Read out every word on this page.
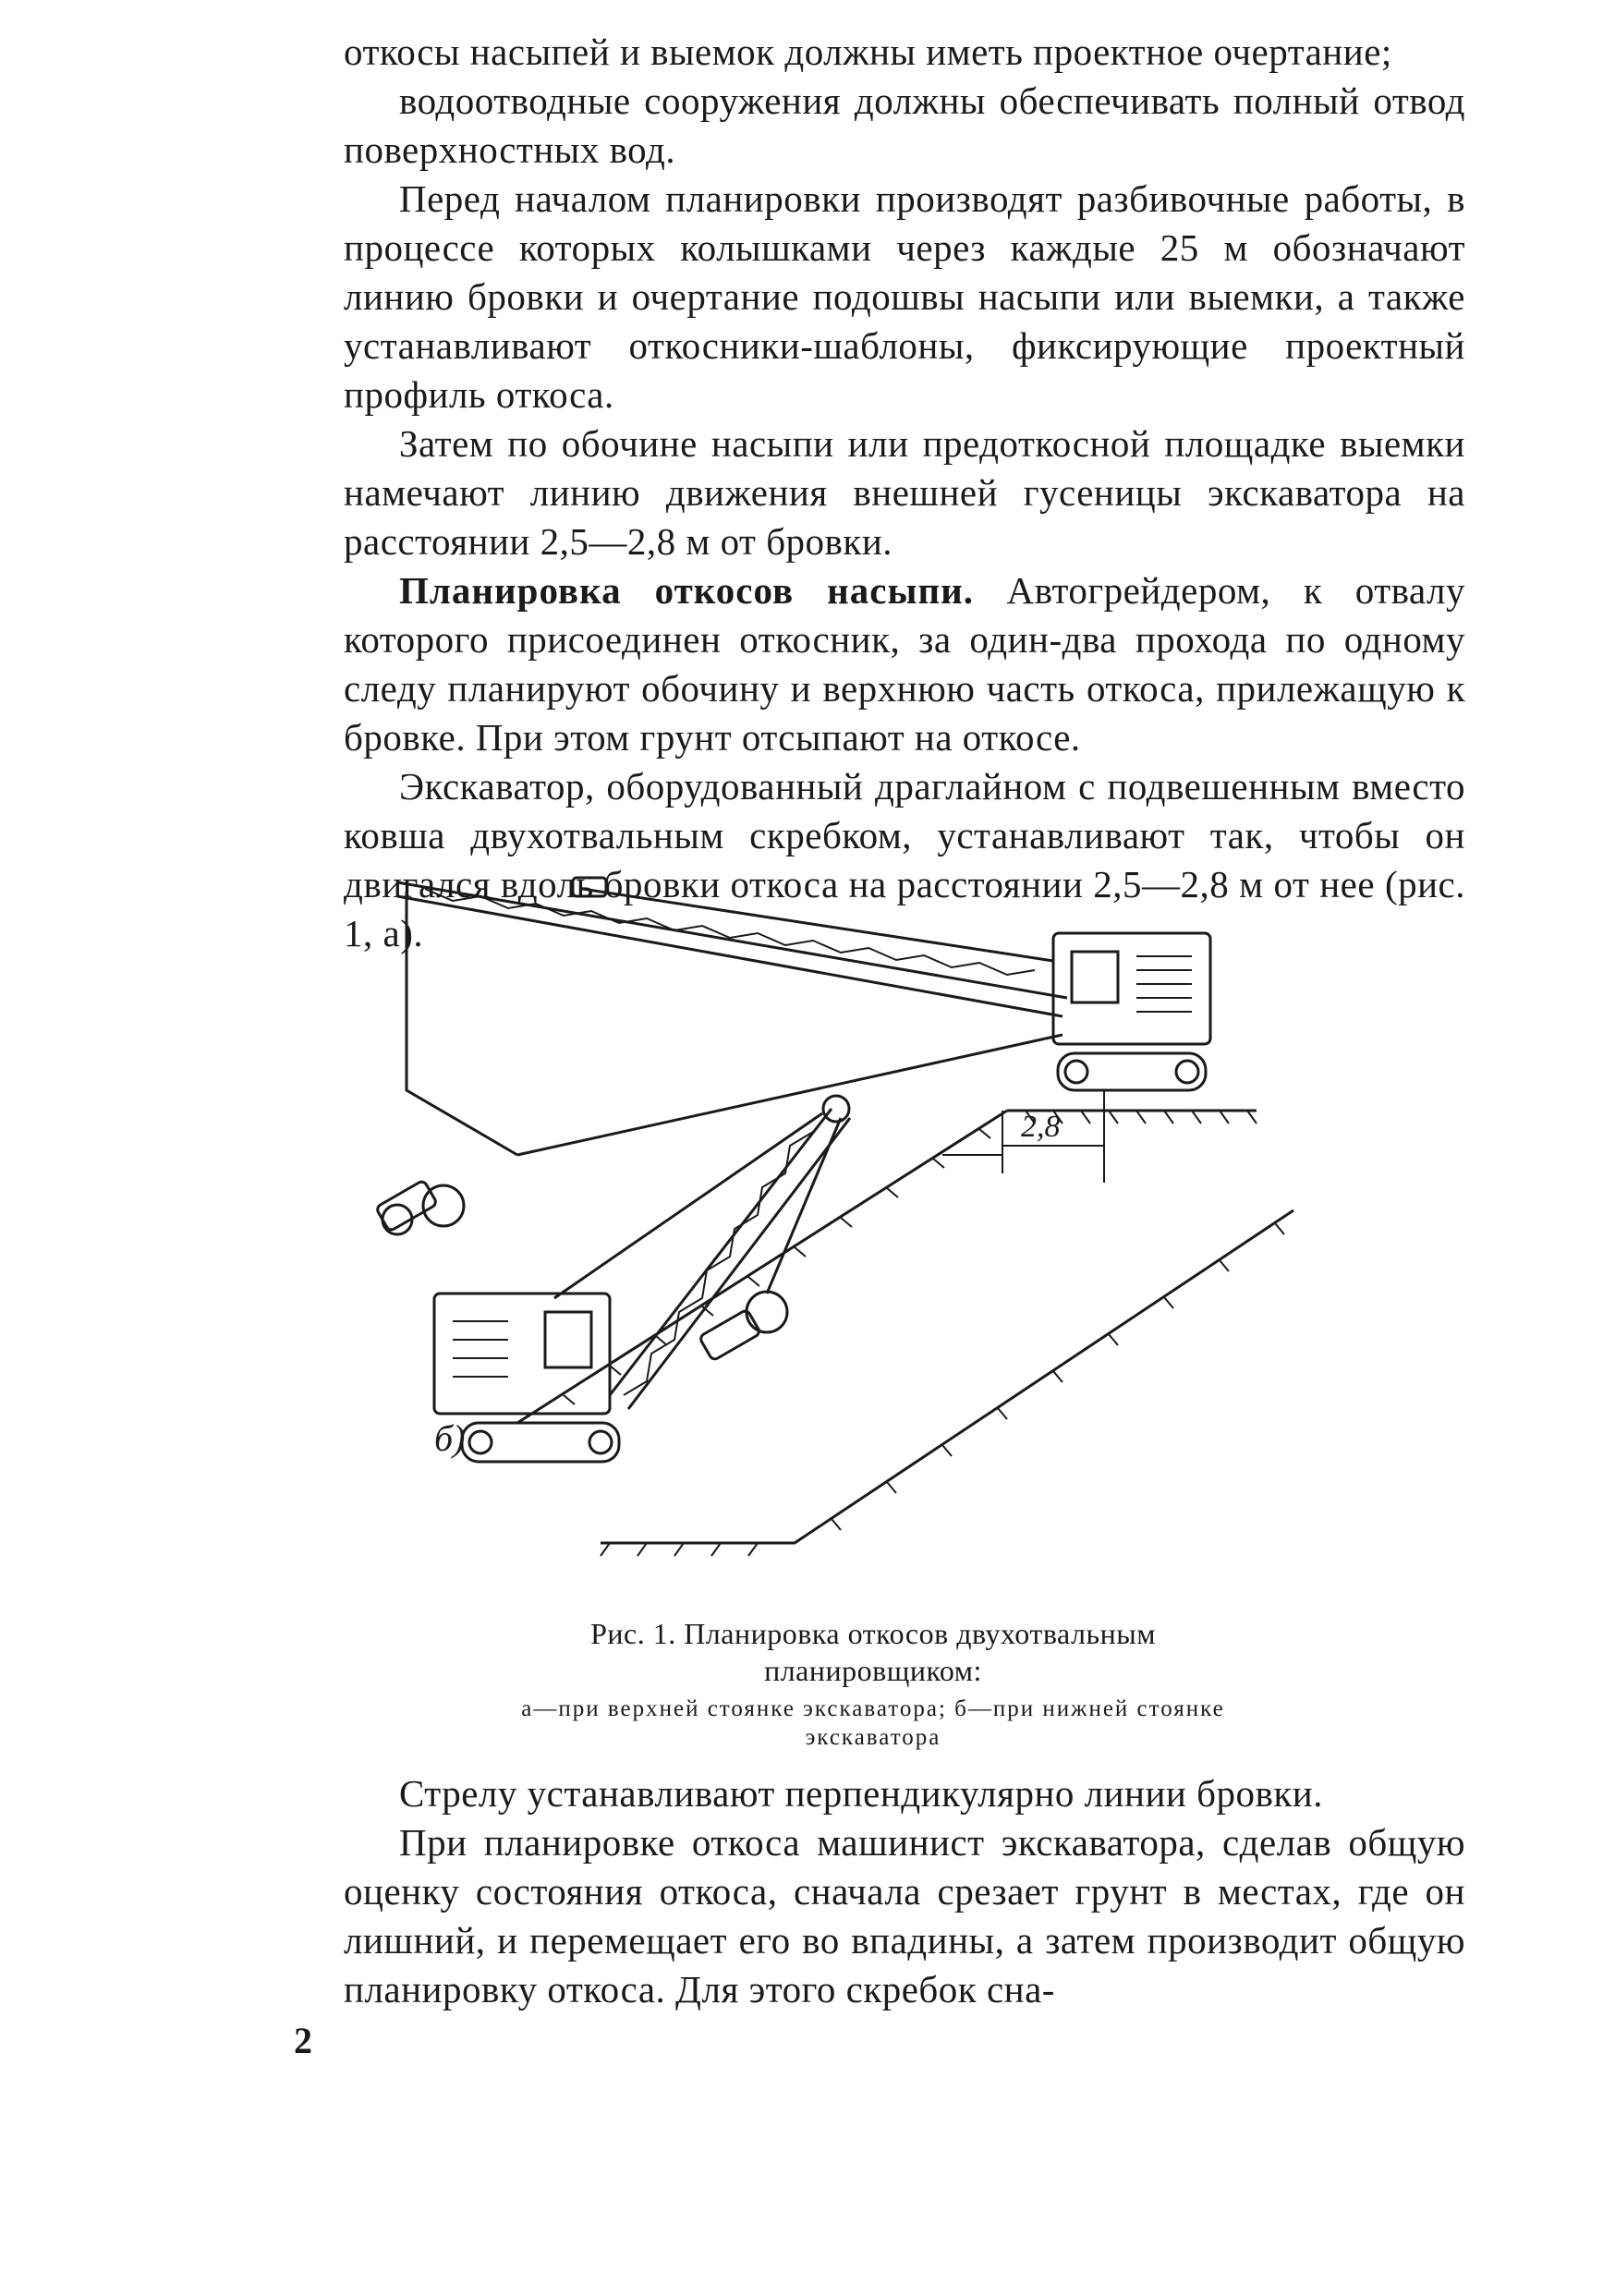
откосы насыпей и выемок должны иметь проектное очертание;

водоотводные сооружения должны обеспечивать полный отвод поверхностных вод.

Перед началом планировки производят разбивочные работы, в процессе которых колышками через каждые 25 м обозначают линию бровки и очертание подошвы насыпи или выемки, а также устанавливают откосники-шаблоны, фиксирующие проектный профиль откоса.

Затем по обочине насыпи или предоткосной площадке выемки намечают линию движения внешней гусеницы экскаватора на расстоянии 2,5—2,8 м от бровки.

Планировка откосов насыпи. Автогрейдером, к отвалу которого присоединен откосник, за один-два прохода по одному следу планируют обочину и верхнюю часть откоса, прилежащую к бровке. При этом грунт отсыпают на откосе.

Экскаватор, оборудованный драглайном с подвешенным вместо ковша двухотвальным скребком, устанавливают так, чтобы он двигался вдоль бровки откоса на расстоянии 2,5—2,8 м от нее (рис. 1, а).

2,8
б)

Рис. 1. Планировка откосов двухотвальным планировщиком:

а—при верхней стоянке экскаватора; б—при нижней стоянке экскаватора

Стрелу устанавливают перпендикулярно линии бровки.

При планировке откоса машинист экскаватора, сделав общую оценку состояния откоса, сначала срезает грунт в местах, где он лишний, и перемещает его во впадины, а затем производит общую планировку откоса. Для этого скребок сна-

2
